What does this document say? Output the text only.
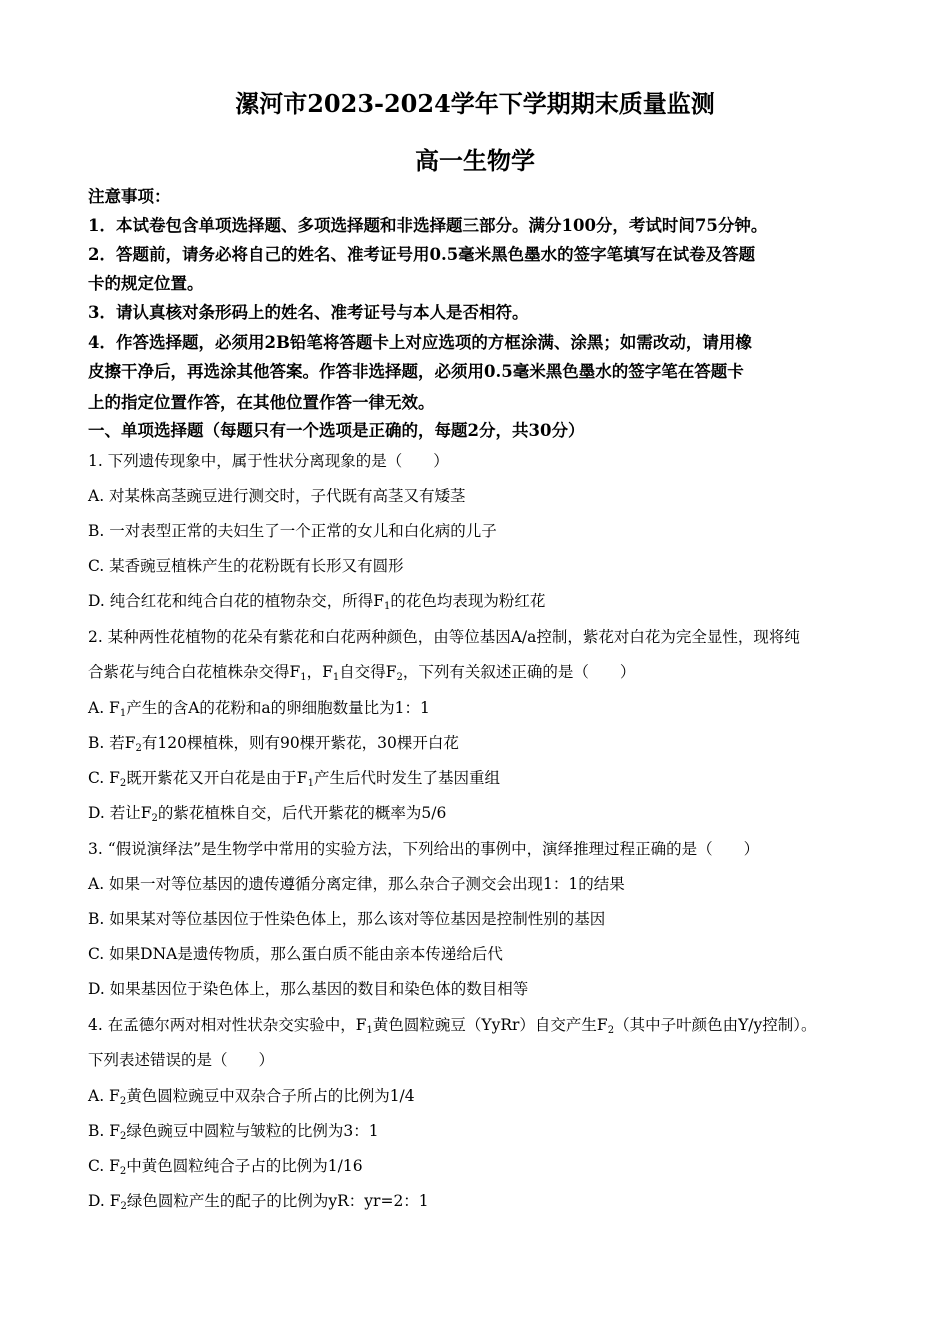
漯河市2023-2024学年下学期期末质量监测
高一生物学
注意事项：
1．本试卷包含单项选择题、多项选择题和非选择题三部分。满分100分，考试时间75分钟。
2．答题前，请务必将自己的姓名、准考证号用0.5毫米黑色墨水的签字笔填写在试卷及答题
卡的规定位置。
3．请认真核对条形码上的姓名、准考证号与本人是否相符。
4．作答选择题，必须用2B铅笔将答题卡上对应选项的方框涂满、涂黑；如需改动，请用橡
皮擦干净后，再选涂其他答案。作答非选择题，必须用0.5毫米黑色墨水的签字笔在答题卡
上的指定位置作答，在其他位置作答一律无效。
一、单项选择题（每题只有一个选项是正确的，每题2分，共30分）
1. 下列遗传现象中，属于性状分离现象的是（　　）
A. 对某株高茎豌豆进行测交时，子代既有高茎又有矮茎
B. 一对表型正常的夫妇生了一个正常的女儿和白化病的儿子
C. 某香豌豆植株产生的花粉既有长形又有圆形
D. 纯合红花和纯合白花的植物杂交，所得$F_1$的花色均表现为粉红花
2. 某种两性花植物的花朵有紫花和白花两种颜色，由等位基因A/a控制，紫花对白花为完全显性，现将纯
合紫花与纯合白花植株杂交得$F_1$，$F_1$自交得$F_2$，下列有关叙述正确的是（　　）
A. $F_1$产生的含A的花粉和a的卵细胞数量比为1：1
B. 若$F_2$有120棵植株，则有90棵开紫花，30棵开白花
C. $F_2$既开紫花又开白花是由于$F_1$产生后代时发生了基因重组
D. 若让$F_2$的紫花植株自交，后代开紫花的概率为5/6
3. “假说演绎法”是生物学中常用的实验方法，下列给出的事例中，演绎推理过程正确的是（　　）
A. 如果一对等位基因的遗传遵循分离定律，那么杂合子测交会出现1：1的结果
B. 如果某对等位基因位于性染色体上，那么该对等位基因是控制性别的基因
C. 如果DNA是遗传物质，那么蛋白质不能由亲本传递给后代
D. 如果基因位于染色体上，那么基因的数目和染色体的数目相等
4. 在孟德尔两对相对性状杂交实验中，$F_1$黄色圆粒豌豆（YyRr）自交产生$F_2$（其中子叶颜色由Y/y控制）。
下列表述错误的是（　　）
A. $F_2$黄色圆粒豌豆中双杂合子所占的比例为1/4
B. $F_2$绿色豌豆中圆粒与皱粒的比例为3：1
C. $F_2$中黄色圆粒纯合子占的比例为1/16
D. $F_2$绿色圆粒产生的配子的比例为yR：yr=2：1
